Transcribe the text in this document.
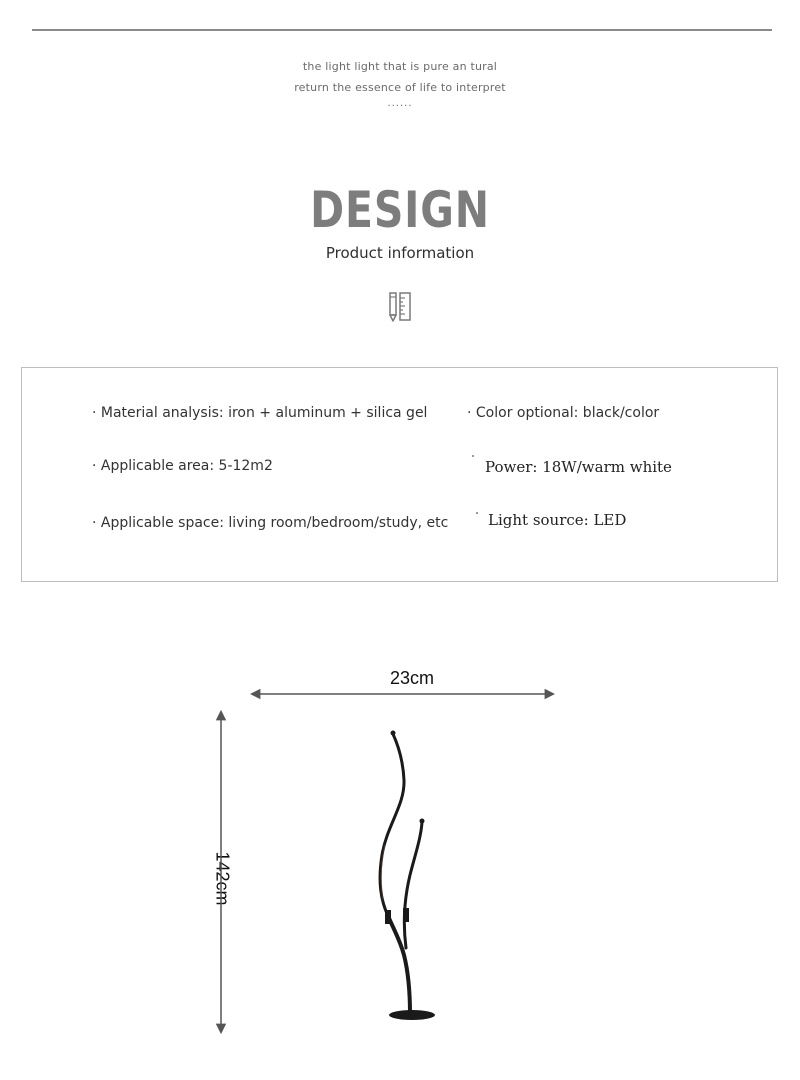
the light light that is pure an tural
return the essence of life to interpret
......
DESIGN
Product information
· Material analysis: iron + aluminum + silica gel	· Color optional: black/color
· Applicable area: 5-12m2	Power: 18W/warm white
· Applicable space: living room/bedroom/study, etc	Light source: LED
23cm
142cm
